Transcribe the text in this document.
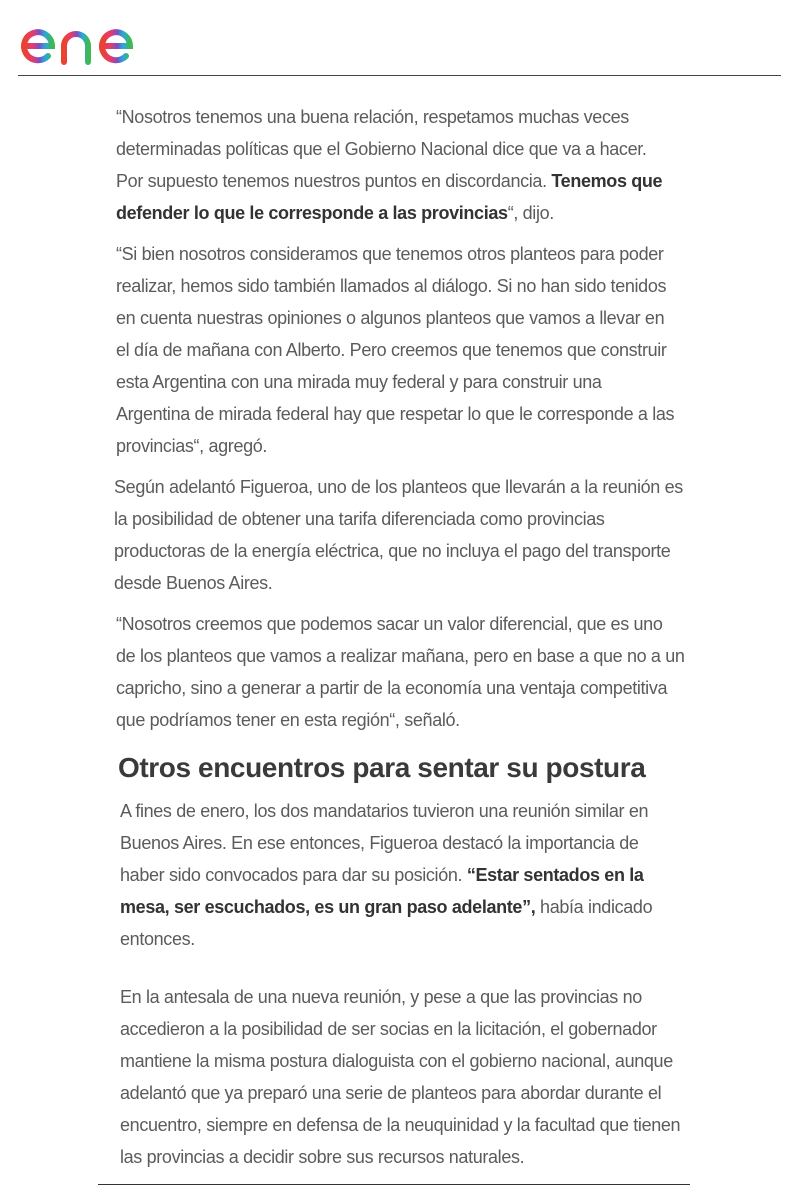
“Nosotros tenemos una buena relación, respetamos muchas veces determinadas políticas que el Gobierno Nacional dice que va a hacer. Por supuesto tenemos nuestros puntos en discordancia. Tenemos que defender lo que le corresponde a las provincias“, dijo.

“Si bien nosotros consideramos que tenemos otros planteos para poder realizar, hemos sido también llamados al diálogo. Si no han sido tenidos en cuenta nuestras opiniones o algunos planteos que vamos a llevar en el día de mañana con Alberto. Pero creemos que tenemos que construir esta Argentina con una mirada muy federal y para construir una Argentina de mirada federal hay que respetar lo que le corresponde a las provincias“, agregó.

Según adelantó Figueroa, uno de los planteos que llevarán a la reunión es la posibilidad de obtener una tarifa diferenciada como provincias productoras de la energía eléctrica, que no incluya el pago del transporte desde Buenos Aires.

“Nosotros creemos que podemos sacar un valor diferencial, que es uno de los planteos que vamos a realizar mañana, pero en base a que no a un capricho, sino a generar a partir de la economía una ventaja competitiva que podríamos tener en esta región“, señaló.

Otros encuentros para sentar su postura

A fines de enero, los dos mandatarios tuvieron una reunión similar en Buenos Aires. En ese entonces, Figueroa destacó la importancia de haber sido convocados para dar su posición. “Estar sentados en la mesa, ser escuchados, es un gran paso adelante”, había indicado entonces.

En la antesala de una nueva reunión, y pese a que las provincias no accedieron a la posibilidad de ser socias en la licitación, el gobernador mantiene la misma postura dialoguista con el gobierno nacional, aunque adelantó que ya preparó una serie de planteos para abordar durante el encuentro, siempre en defensa de la neuquinidad y la facultad que tienen las provincias a decidir sobre sus recursos naturales.
